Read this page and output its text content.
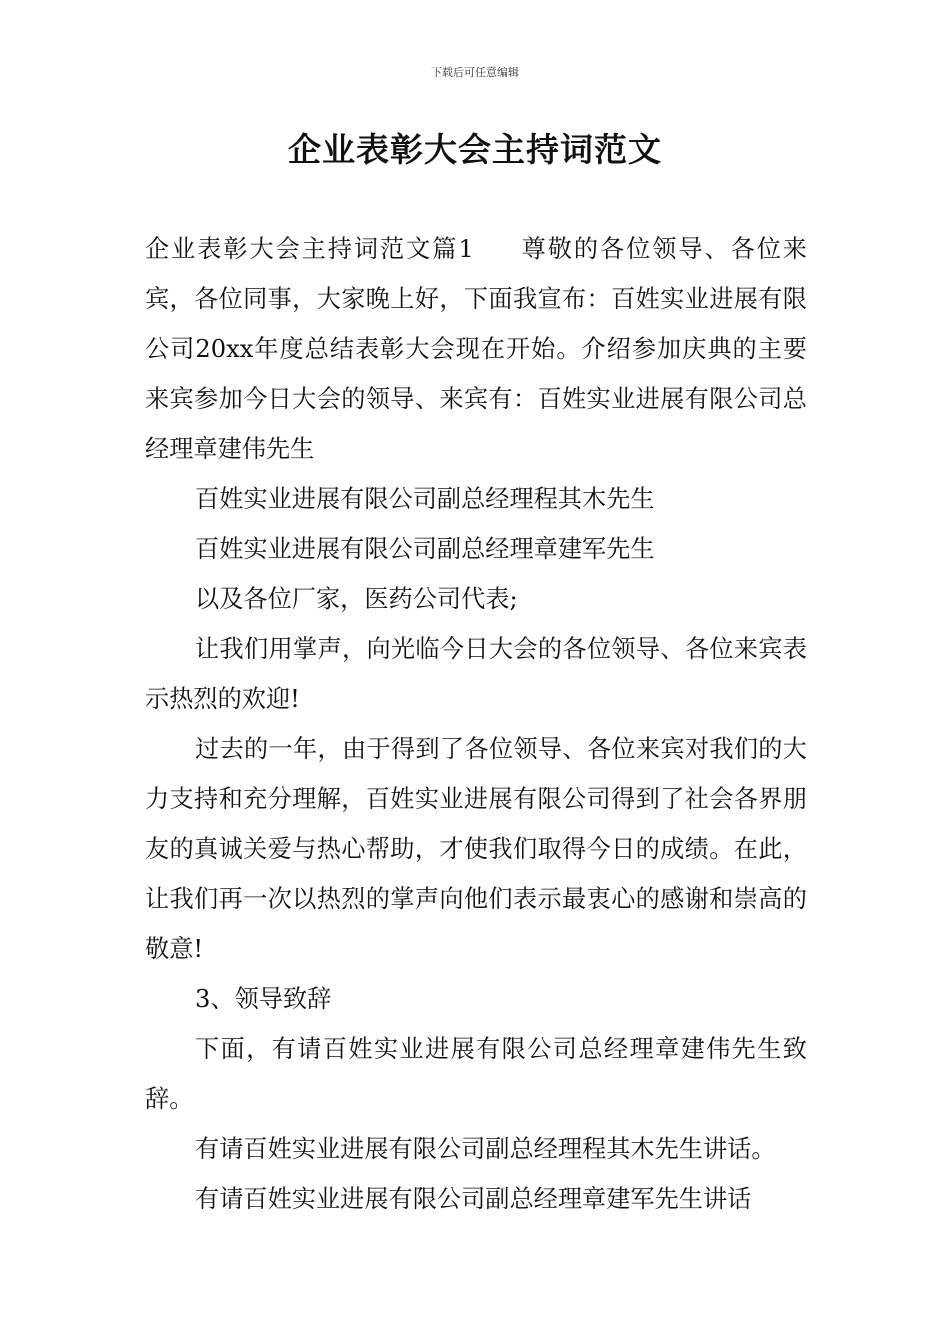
下载后可任意编辑
企业表彰大会主持词范文

企业表彰大会主持词范文篇1 尊敬的各位领导、各位来宾，各位同事，大家晚上好，下面我宣布：百姓实业进展有限公司20xx年度总结表彰大会现在开始。介绍参加庆典的主要来宾参加今日大会的领导、来宾有：百姓实业进展有限公司总经理章建伟先生

百姓实业进展有限公司副总经理程其木先生

百姓实业进展有限公司副总经理章建军先生

以及各位厂家，医药公司代表;

让我们用掌声，向光临今日大会的各位领导、各位来宾表示热烈的欢迎!

过去的一年，由于得到了各位领导、各位来宾对我们的大力支持和充分理解，百姓实业进展有限公司得到了社会各界朋友的真诚关爱与热心帮助，才使我们取得今日的成绩。在此，让我们再一次以热烈的掌声向他们表示最衷心的感谢和崇高的敬意!

3、领导致辞

下面，有请百姓实业进展有限公司总经理章建伟先生致辞。

有请百姓实业进展有限公司副总经理程其木先生讲话。

有请百姓实业进展有限公司副总经理章建军先生讲话
